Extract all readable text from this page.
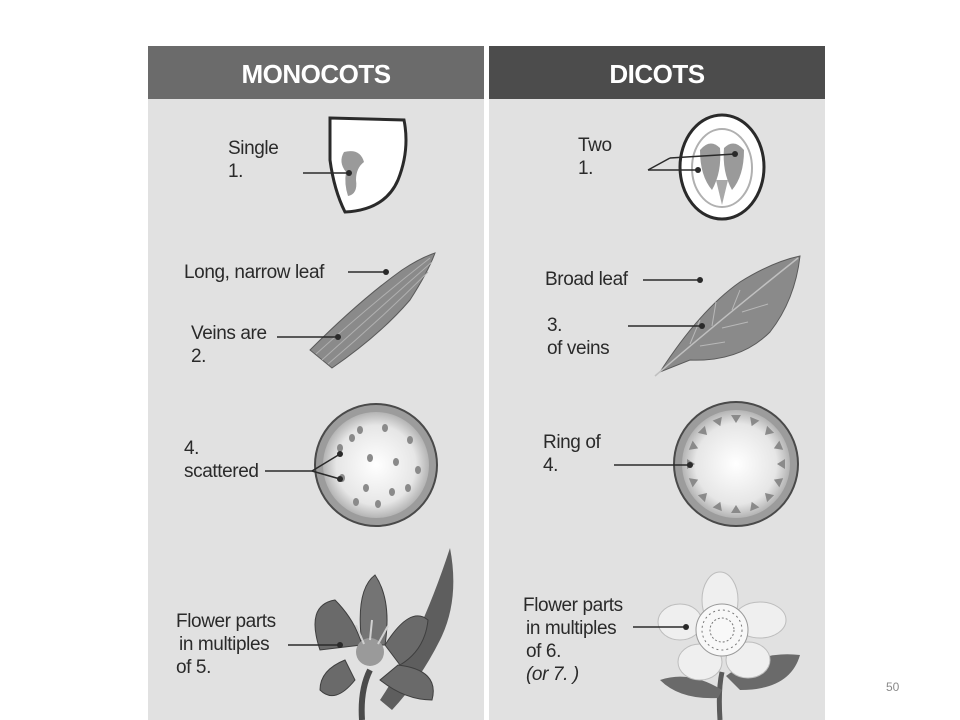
MONOCOTS	DICOTS
Single
1.
Long, narrow leaf
Veins are
2.
4.
scattered
Flower parts
in multiples
of 5.
Two
1.
Broad leaf
3.
of veins
Ring of
4.
Flower parts
in multiples
of 6.
(or 7. )
50
